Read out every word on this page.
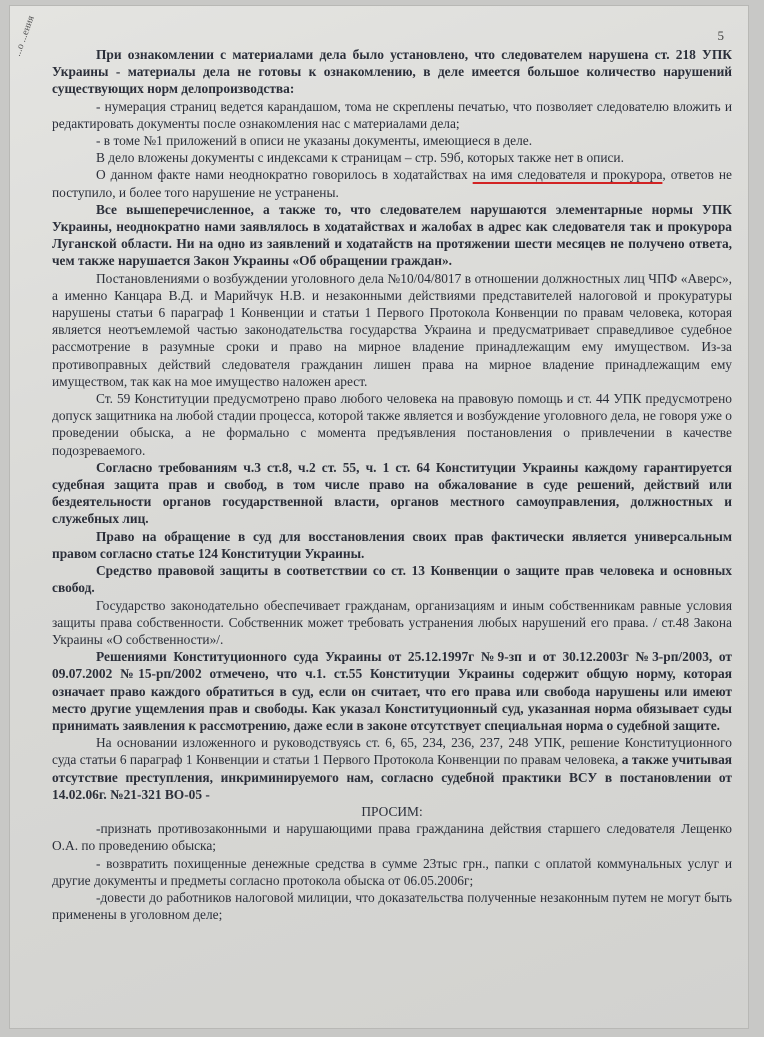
...о ...ения	5

При ознакомлении с материалами дела было установлено, что следователем нарушена ст. 218 УПК Украины - материалы дела не готовы к ознакомлению, в деле имеется большое количество нарушений существующих норм делопроизводства:

- нумерация страниц ведется карандашом, тома не скреплены печатью, что позволяет следователю вложить и редактировать документы после ознакомления нас с материалами дела;

- в томе №1 приложений в описи не указаны документы, имеющиеся в деле.

В дело вложены документы с индексами к страницам – стр. 59б, которых также нет в описи.

О данном факте нами неоднократно говорилось в ходатайствах на имя следователя и прокурора, ответов не поступило, и более того нарушение не устранены.

Все вышеперечисленное, а также то, что следователем нарушаются элементарные нормы УПК Украины, неоднократно нами заявлялось в ходатайствах и жалобах в адрес как следователя так и прокурора Луганской области. Ни на одно из заявлений и ходатайств на протяжении шести месяцев не получено ответа, чем также нарушается Закон Украины «Об обращении граждан».

Постановлениями о возбуждении уголовного дела №10/04/8017 в отношении должностных лиц ЧПФ «Аверс», а именно Канцара В.Д. и Марийчук Н.В. и незаконными действиями представителей налоговой и прокуратуры нарушены статьи 6 параграф 1 Конвенции и статьи 1 Первого Протокола Конвенции по правам человека, которая является неотъемлемой частью законодательства государства Украина и предусматривает справедливое судебное рассмотрение в разумные сроки и право на мирное владение принадлежащим ему имуществом. Из-за противоправных действий следователя гражданин лишен права на мирное владение принадлежащим ему имуществом, так как на мое имущество наложен арест.

Ст. 59 Конституции предусмотрено право любого человека на правовую помощь и ст. 44 УПК предусмотрено допуск защитника на любой стадии процесса, которой также является и возбуждение уголовного дела, не говоря уже о проведении обыска, а не формально с момента предъявления постановления о привлечении в качестве подозреваемого.

Согласно требованиям ч.3 ст.8, ч.2 ст. 55, ч. 1 ст. 64 Конституции Украины каждому гарантируется судебная защита прав и свобод, в том числе право на обжалование в суде решений, действий или бездеятельности органов государственной власти, органов местного самоуправления, должностных и служебных лиц.

Право на обращение в суд для восстановления своих прав фактически является универсальным правом согласно статье 124 Конституции Украины.

Средство правовой защиты в соответствии со ст. 13 Конвенции о защите прав человека и основных свобод.

Государство законодательно обеспечивает гражданам, организациям и иным собственникам равные условия защиты права собственности. Собственник может требовать устранения любых нарушений его права. / ст.48 Закона Украины «О собственности»/.

Решениями Конституционного суда Украины от 25.12.1997г №9-зп и от 30.12.2003г №3-рп/2003, от 09.07.2002 №15-рп/2002 отмечено, что ч.1. ст.55 Конституции Украины содержит общую норму, которая означает право каждого обратиться в суд, если он считает, что его права или свобода нарушены или имеют место другие ущемления прав и свободы. Как указал Конституционный суд, указанная норма обязывает суды принимать заявления к рассмотрению, даже если в законе отсутствует специальная норма о судебной защите.

На основании изложенного и руководствуясь ст. 6, 65, 234, 236, 237, 248 УПК, решение Конституционного суда статьи 6 параграф 1 Конвенции и статьи 1 Первого Протокола Конвенции по правам человека, а также учитывая отсутствие преступления, инкриминируемого нам, согласно судебной практики ВСУ в постановлении от 14.02.06г. №21-321 ВО-05 -

ПРОСИМ:

-признать противозаконными и нарушающими права гражданина действия старшего следователя Лещенко О.А. по проведению обыска;

- возвратить похищенные денежные средства в сумме 23тыс грн., папки с оплатой коммунальных услуг и другие документы и предметы согласно протокола обыска от 06.05.2006г;

-довести до работников налоговой милиции, что доказательства полученные незаконным путем не могут быть применены в уголовном деле;
